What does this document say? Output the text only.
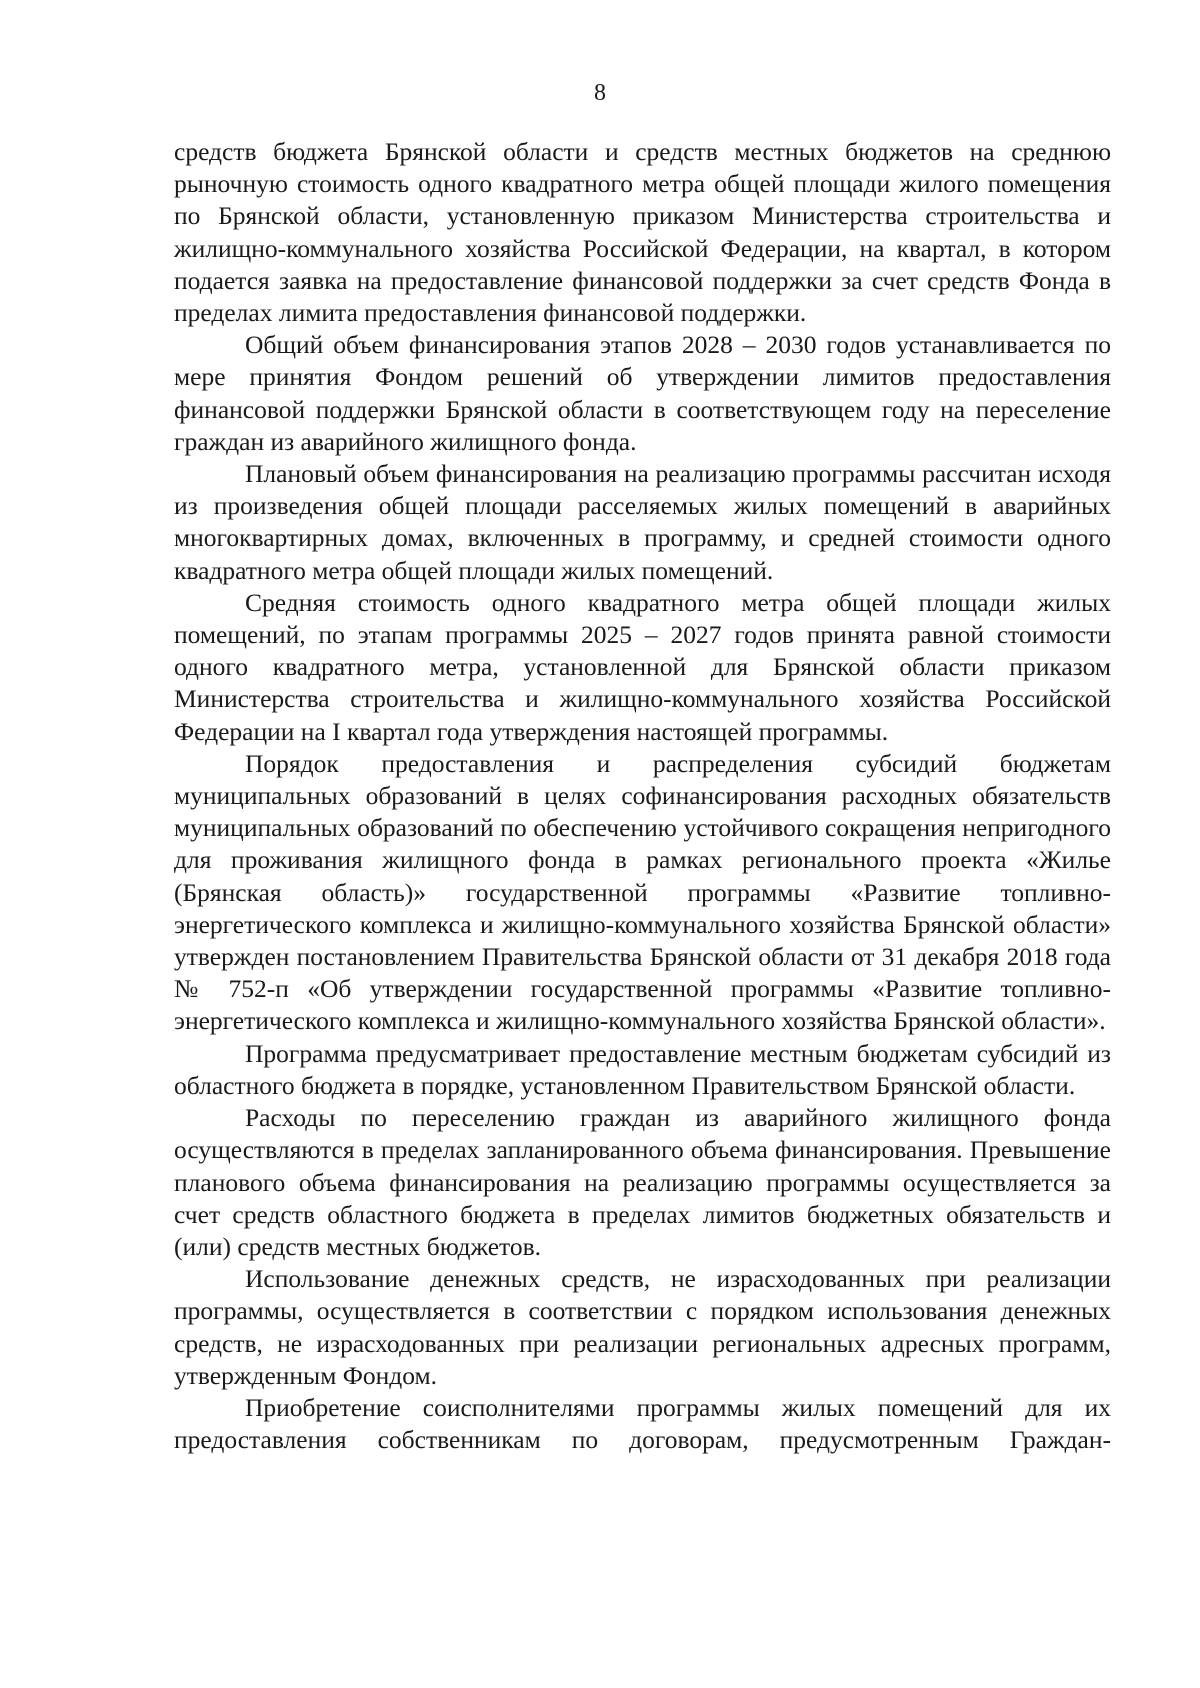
8

средств бюджета Брянской области и средств местных бюджетов на среднюю рыночную стоимость одного квадратного метра общей площади жилого помещения по Брянской области, установленную приказом Министерства строительства и жилищно-коммунального хозяйства Российской Федерации, на квартал, в котором подается заявка на предоставление финансовой поддержки за счет средств Фонда в пределах лимита предоставления финансовой поддержки.

Общий объем финансирования этапов 2028 – 2030 годов устанавливается по мере принятия Фондом решений об утверждении лимитов предоставления финансовой поддержки Брянской области в соответствующем году на переселение граждан из аварийного жилищного фонда.

Плановый объем финансирования на реализацию программы рассчитан исходя из произведения общей площади расселяемых жилых помещений в аварийных многоквартирных домах, включенных в программу, и средней стоимости одного квадратного метра общей площади жилых помещений.

Средняя стоимость одного квадратного метра общей площади жилых помещений, по этапам программы 2025 – 2027 годов принята равной стоимости одного квадратного метра, установленной для Брянской области приказом Министерства строительства и жилищно-коммунального хозяйства Российской Федерации на I квартал года утверждения настоящей программы.

Порядок предоставления и распределения субсидий бюджетам муниципальных образований в целях софинансирования расходных обязательств муниципальных образований по обеспечению устойчивого сокращения непригодного для проживания жилищного фонда в рамках регионального проекта «Жилье (Брянская область)» государственной программы «Развитие топливно-энергетического комплекса и жилищно-коммунального хозяйства Брянской области» утвержден постановлением Правительства Брянской области от 31 декабря 2018 года № 752-п «Об утверждении государственной программы «Развитие топливно-энергетического комплекса и жилищно-коммунального хозяйства Брянской области».

Программа предусматривает предоставление местным бюджетам субсидий из областного бюджета в порядке, установленном Правительством Брянской области.

Расходы по переселению граждан из аварийного жилищного фонда осуществляются в пределах запланированного объема финансирования. Превышение планового объема финансирования на реализацию программы осуществляется за счет средств областного бюджета в пределах лимитов бюджетных обязательств и (или) средств местных бюджетов.

Использование денежных средств, не израсходованных при реализации программы, осуществляется в соответствии с порядком использования денежных средств, не израсходованных при реализации региональных адресных программ, утвержденным Фондом.

Приобретение соисполнителями программы жилых помещений для их предоставления собственникам по договорам, предусмотренным Граждан-
